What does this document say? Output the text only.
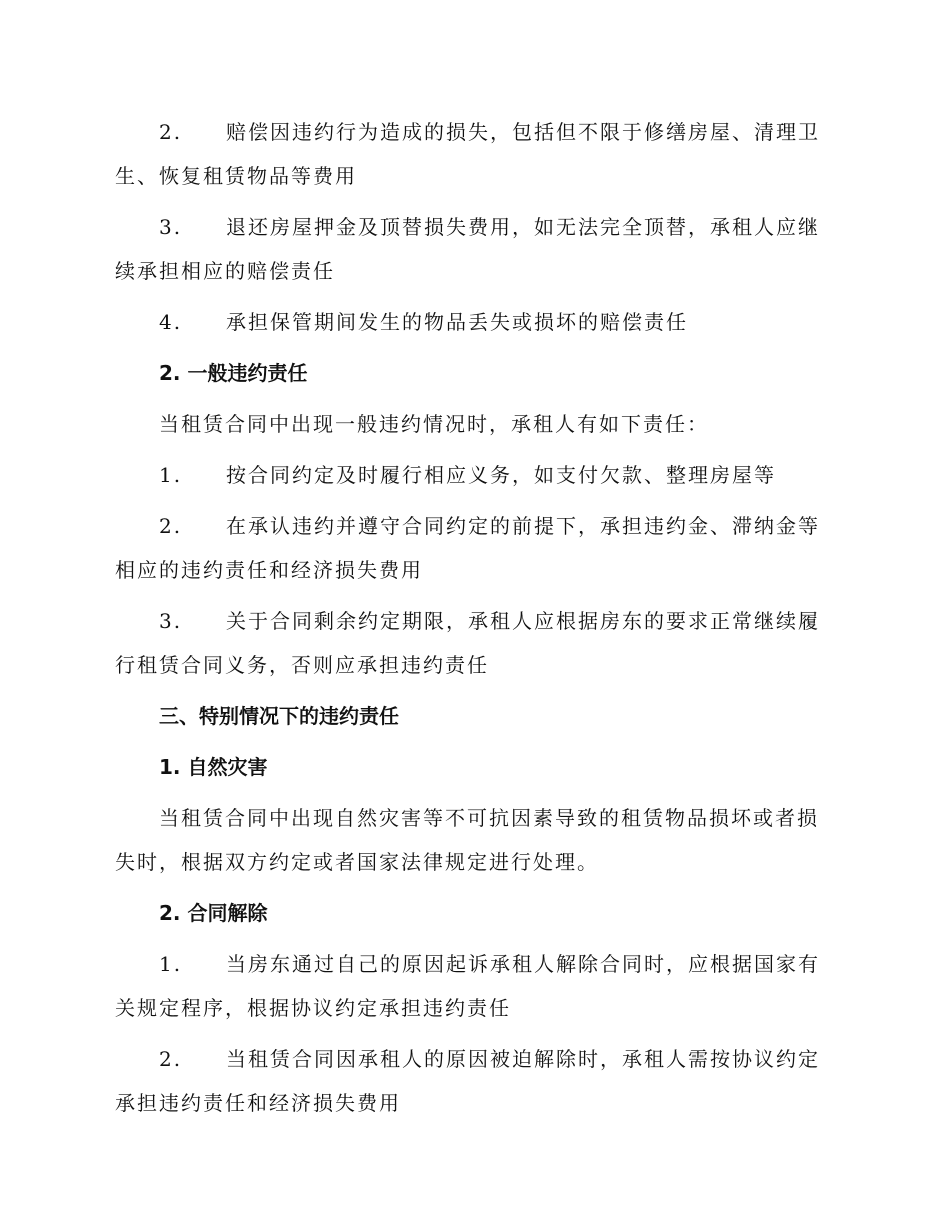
2. 赔偿因违约行为造成的损失，包括但不限于修缮房屋、清理卫生、恢复租赁物品等费用
3. 退还房屋押金及顶替损失费用，如无法完全顶替，承租人应继续承担相应的赔偿责任
4. 承担保管期间发生的物品丢失或损坏的赔偿责任
2. 一般违约责任
当租赁合同中出现一般违约情况时，承租人有如下责任：
1. 按合同约定及时履行相应义务，如支付欠款、整理房屋等
2. 在承认违约并遵守合同约定的前提下，承担违约金、滞纳金等相应的违约责任和经济损失费用
3. 关于合同剩余约定期限，承租人应根据房东的要求正常继续履行租赁合同义务，否则应承担违约责任
三、特别情况下的违约责任
1. 自然灾害
当租赁合同中出现自然灾害等不可抗因素导致的租赁物品损坏或者损失时，根据双方约定或者国家法律规定进行处理。
2. 合同解除
1. 当房东通过自己的原因起诉承租人解除合同时，应根据国家有关规定程序，根据协议约定承担违约责任
2. 当租赁合同因承租人的原因被迫解除时，承租人需按协议约定承担违约责任和经济损失费用
